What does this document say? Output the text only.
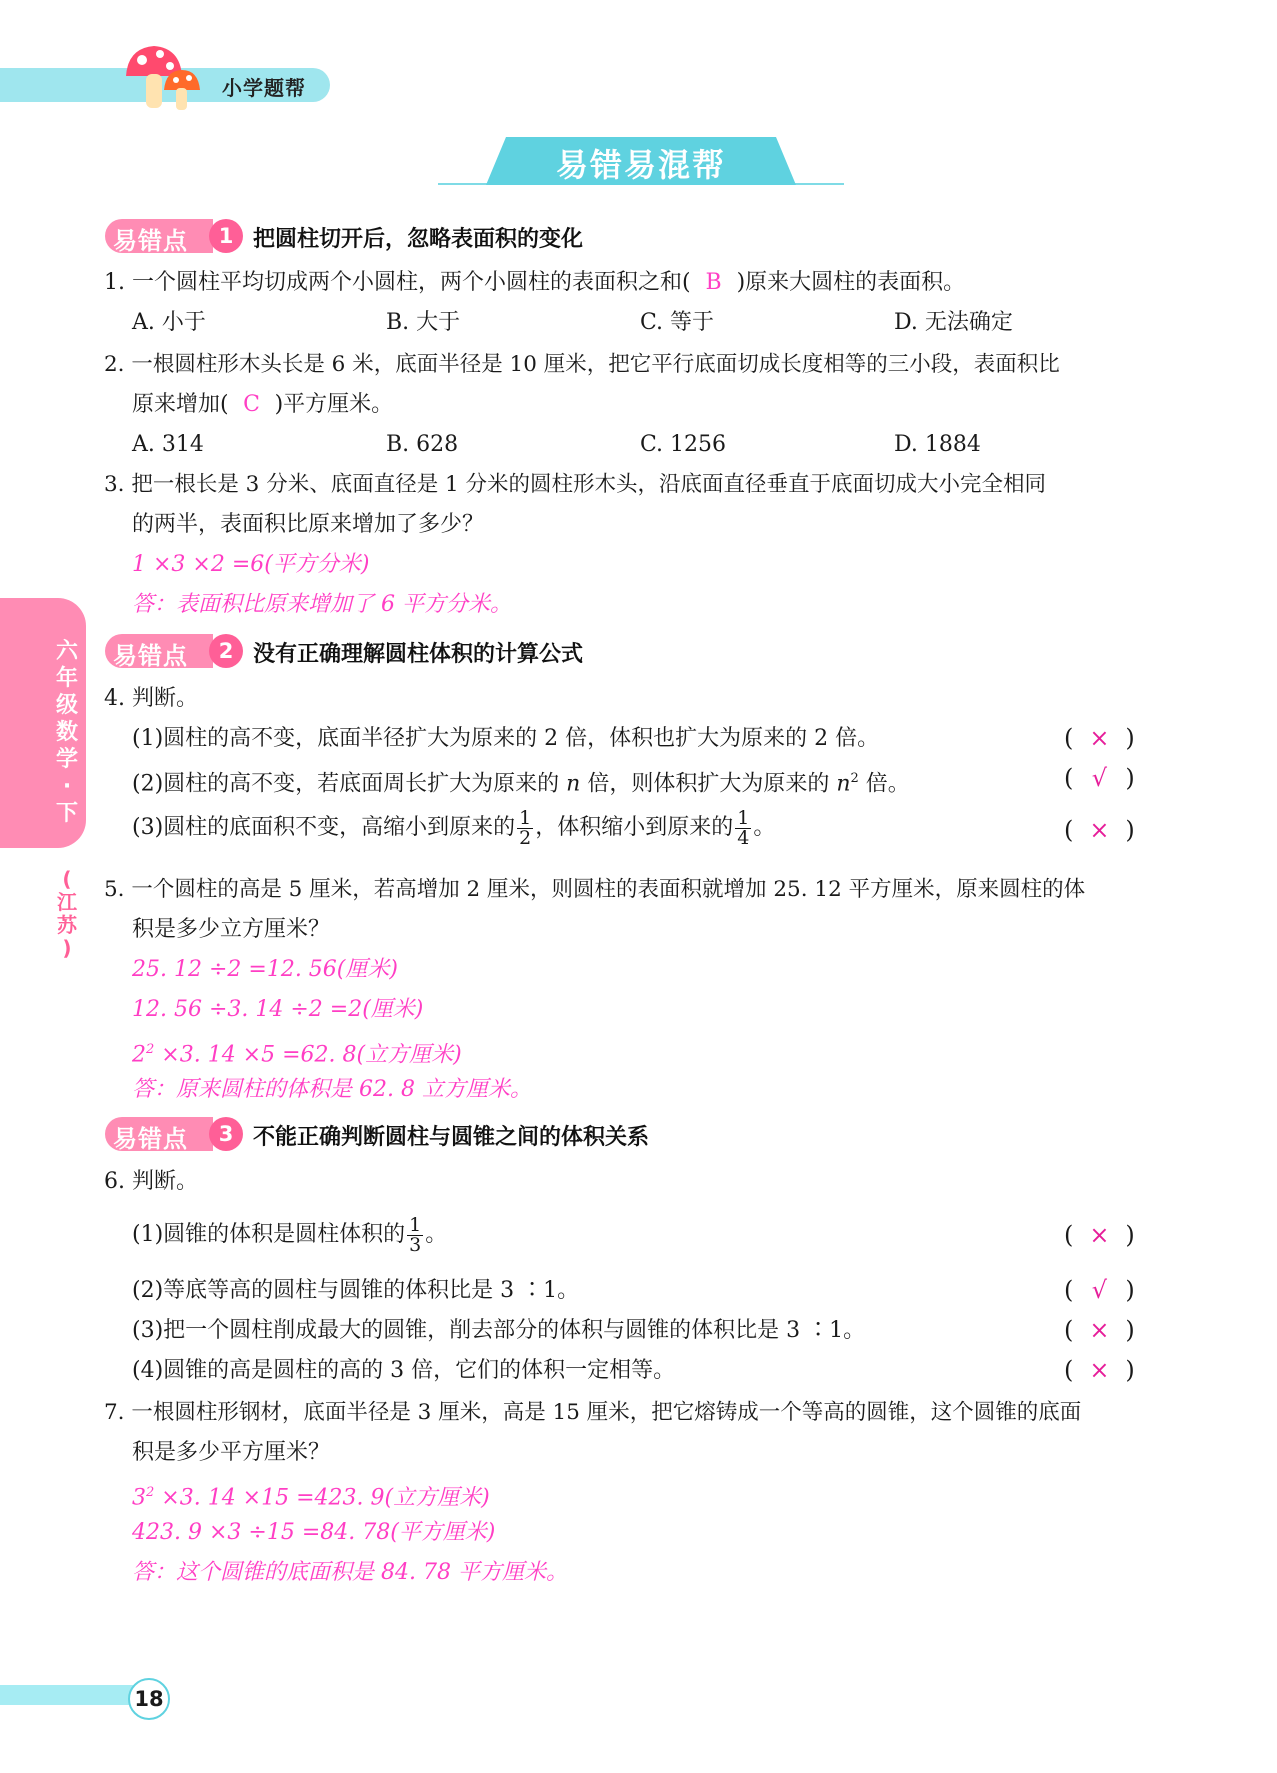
小学题帮
易错易混帮
六
年
级
数
学
·
下
(
江
苏
)
易错点	1 把圆柱切开后，忽略表面积的变化
1. 一个圆柱平均切成两个小圆柱，两个小圆柱的表面积之和( B )原来大圆柱的表面积。
A. 小于	B. 大于	C. 等于	D. 无法确定
2. 一根圆柱形木头长是 6 米，底面半径是 10 厘米，把它平行底面切成长度相等的三小段，表面积比
原来增加( C )平方厘米。
A. 314	B. 628	C. 1256	D. 1884
3. 把一根长是 3 分米、底面直径是 1 分米的圆柱形木头，沿底面直径垂直于底面切成大小完全相同
的两半，表面积比原来增加了多少？
1 ×3 ×2 =6(平方分米)
答：表面积比原来增加了 6 平方分米。
易错点	2 没有正确理解圆柱体积的计算公式
4. 判断。
(1)圆柱的高不变，底面半径扩大为原来的 2 倍，体积也扩大为原来的 2 倍。	( × )
(2)圆柱的高不变，若底面周长扩大为原来的 n 倍，则体积扩大为原来的 $n^2$ 倍。	( √ )
(3)圆柱的底面积不变，高缩小到原来的 $\frac{1}{2}$ ，体积缩小到原来的 $\frac{1}{4}$ 。	( × )
5. 一个圆柱的高是 5 厘米，若高增加 2 厘米，则圆柱的表面积就增加 25. 12 平方厘米，原来圆柱的体
积是多少立方厘米？
25. 12 ÷2 =12. 56(厘米)
12. 56 ÷3. 14 ÷2 =2(厘米)
$2^2 \times 3$. 14 ×5 =62. 8(立方厘米)
答：原来圆柱的体积是 62. 8 立方厘米。
易错点	3 不能正确判断圆柱与圆锥之间的体积关系
6. 判断。
(1)圆锥的体积是圆柱体积的 $\frac{1}{3}$ 。	( × )
(2)等底等高的圆柱与圆锥的体积比是 3 ∶1。	( √ )
(3)把一个圆柱削成最大的圆锥，削去部分的体积与圆锥的体积比是 3 ∶1。	( × )
(4)圆锥的高是圆柱的高的 3 倍，它们的体积一定相等。	( × )
7. 一根圆柱形钢材，底面半径是 3 厘米，高是 15 厘米，把它熔铸成一个等高的圆锥，这个圆锥的底面
积是多少平方厘米？
$3^2 \times 3$. 14 ×15 =423. 9(立方厘米)
423. 9 ×3 ÷15 =84. 78(平方厘米)
答：这个圆锥的底面积是 84. 78 平方厘米。
18
